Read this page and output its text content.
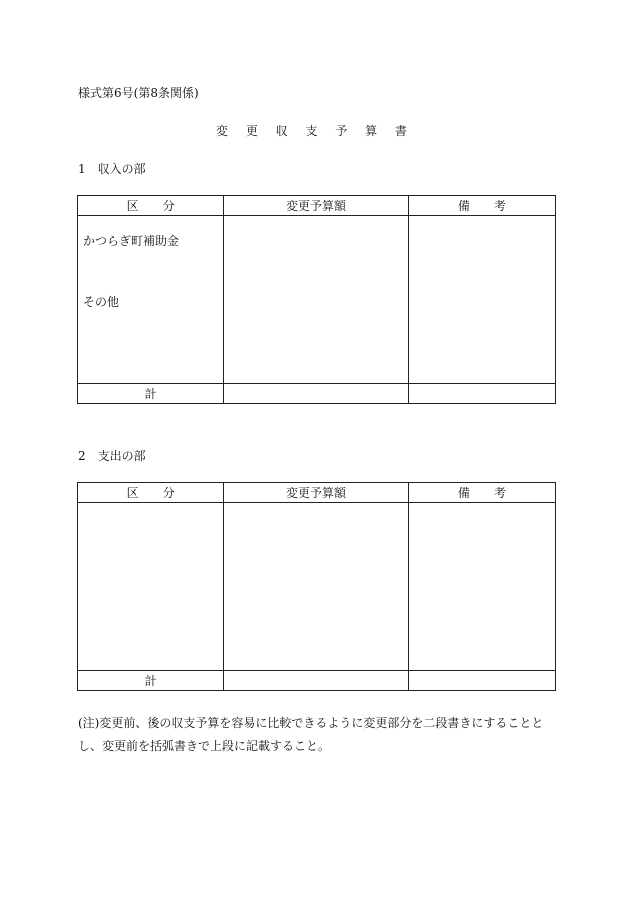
様式第6号(第8条関係)
変 更 収 支 予 算 書
1　収入の部
区　　分	変更予算額	備　　考

かつらぎ町補助金
その他		

計		
2　支出の部
区　　分	変更予算額	備　　考

計		
(注)変更前、後の収支予算を容易に比較できるように変更部分を二段書きにすることとし、変更前を括弧書きで上段に記載すること。
